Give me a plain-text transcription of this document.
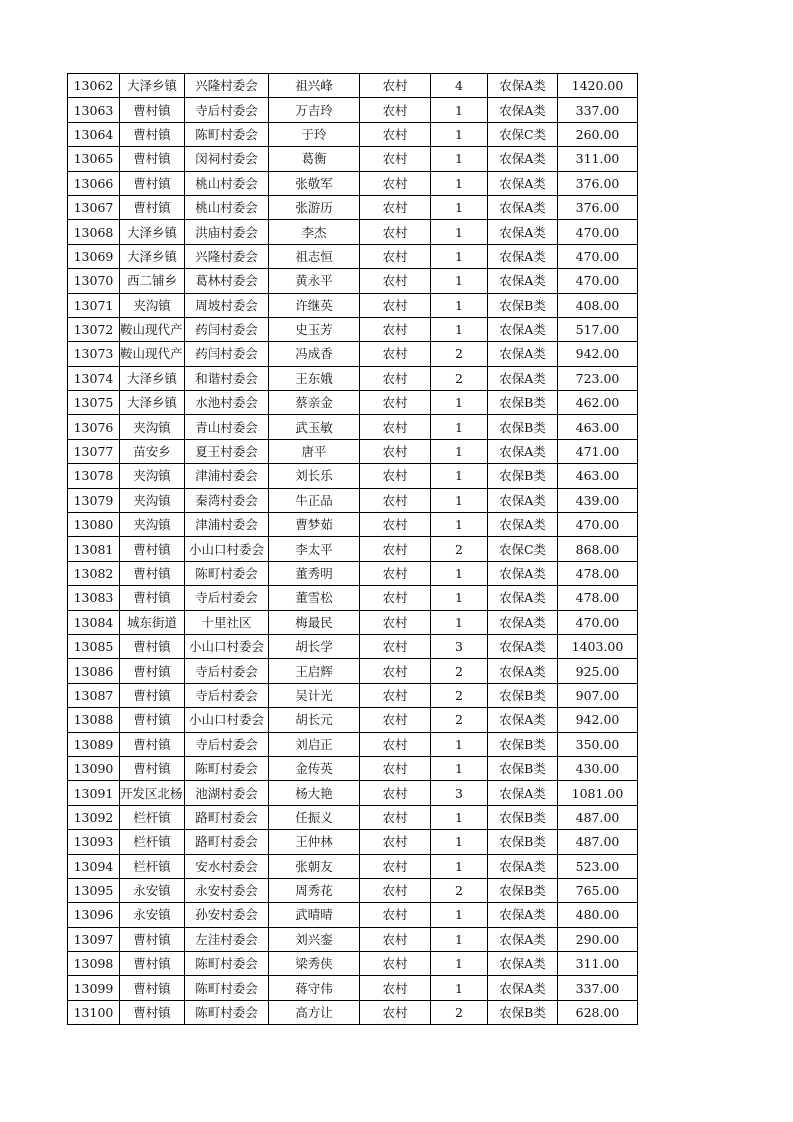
13062	大泽乡镇	兴隆村委会	祖兴峰	农村	4	农保A类	1420.00
13063	曹村镇	寺后村委会	万吉玲	农村	1	农保A类	337.00
13064	曹村镇	陈町村委会	于玲	农村	1	农保C类	260.00
13065	曹村镇	闵祠村委会	葛衡	农村	1	农保A类	311.00
13066	曹村镇	桃山村委会	张敬军	农村	1	农保A类	376.00
13067	曹村镇	桃山村委会	张游历	农村	1	农保A类	376.00
13068	大泽乡镇	洪庙村委会	李杰	农村	1	农保A类	470.00
13069	大泽乡镇	兴隆村委会	祖志恒	农村	1	农保A类	470.00
13070	西二铺乡	葛林村委会	黄永平	农村	1	农保A类	470.00
13071	夹沟镇	周坡村委会	许继英	农村	1	农保B类	408.00
13072	鞍山现代产	药闫村委会	史玉芳	农村	1	农保A类	517.00
13073	鞍山现代产	药闫村委会	冯成香	农村	2	农保A类	942.00
13074	大泽乡镇	和谐村委会	王东娥	农村	2	农保A类	723.00
13075	大泽乡镇	水池村委会	蔡亲金	农村	1	农保B类	462.00
13076	夹沟镇	青山村委会	武玉敏	农村	1	农保B类	463.00
13077	苗安乡	夏王村委会	唐平	农村	1	农保A类	471.00
13078	夹沟镇	津浦村委会	刘长乐	农村	1	农保B类	463.00
13079	夹沟镇	秦湾村委会	牛正品	农村	1	农保A类	439.00
13080	夹沟镇	津浦村委会	曹梦茹	农村	1	农保A类	470.00
13081	曹村镇	小山口村委会	李太平	农村	2	农保C类	868.00
13082	曹村镇	陈町村委会	董秀明	农村	1	农保A类	478.00
13083	曹村镇	寺后村委会	董雪松	农村	1	农保A类	478.00
13084	城东街道	十里社区	梅最民	农村	1	农保A类	470.00
13085	曹村镇	小山口村委会	胡长学	农村	3	农保A类	1403.00
13086	曹村镇	寺后村委会	王启辉	农村	2	农保A类	925.00
13087	曹村镇	寺后村委会	吴计光	农村	2	农保B类	907.00
13088	曹村镇	小山口村委会	胡长元	农村	2	农保A类	942.00
13089	曹村镇	寺后村委会	刘启正	农村	1	农保B类	350.00
13090	曹村镇	陈町村委会	金传英	农村	1	农保B类	430.00
13091	开发区北杨	池湖村委会	杨大艳	农村	3	农保A类	1081.00
13092	栏杆镇	路町村委会	任振义	农村	1	农保B类	487.00
13093	栏杆镇	路町村委会	王仲林	农村	1	农保B类	487.00
13094	栏杆镇	安水村委会	张朝友	农村	1	农保A类	523.00
13095	永安镇	永安村委会	周秀花	农村	2	农保B类	765.00
13096	永安镇	孙安村委会	武晴晴	农村	1	农保A类	480.00
13097	曹村镇	左洼村委会	刘兴銮	农村	1	农保A类	290.00
13098	曹村镇	陈町村委会	梁秀侠	农村	1	农保A类	311.00
13099	曹村镇	陈町村委会	蒋守伟	农村	1	农保A类	337.00
13100	曹村镇	陈町村委会	高方让	农村	2	农保B类	628.00
